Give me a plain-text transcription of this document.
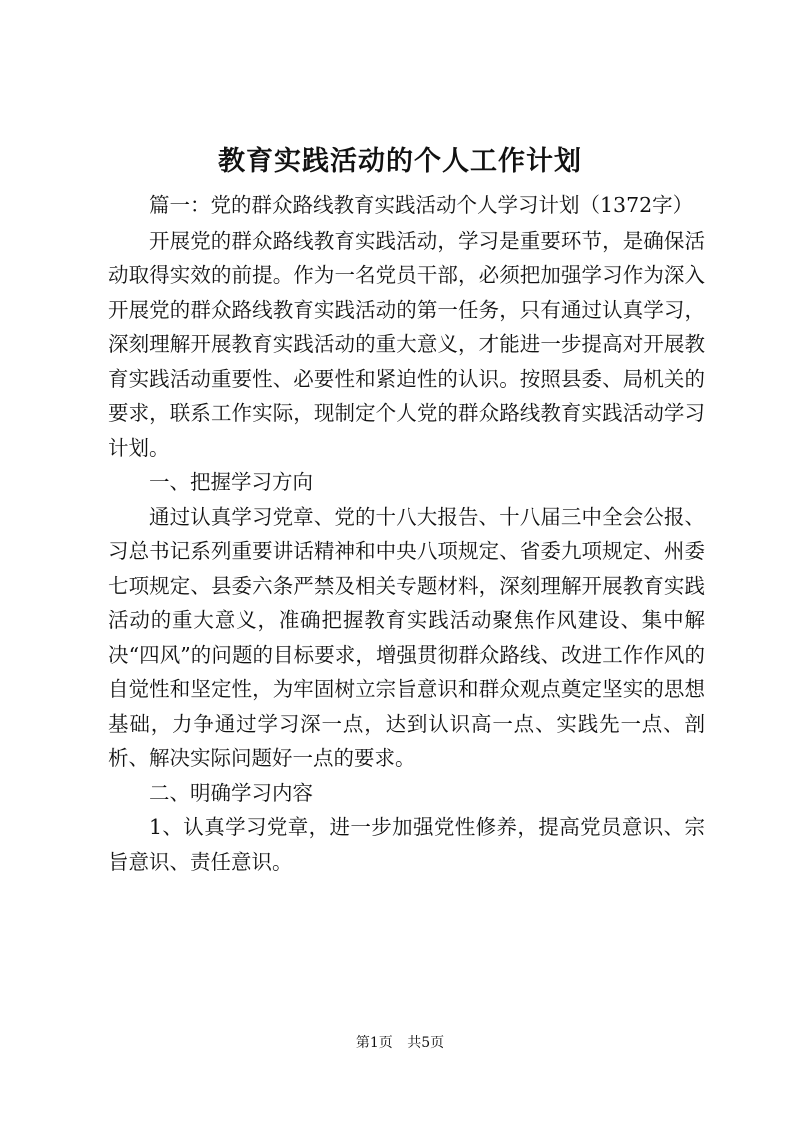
教育实践活动的个人工作计划

篇一：党的群众路线教育实践活动个人学习计划（1372字）

开展党的群众路线教育实践活动，学习是重要环节，是确保活动取得实效的前提。作为一名党员干部，必须把加强学习作为深入开展党的群众路线教育实践活动的第一任务，只有通过认真学习，深刻理解开展教育实践活动的重大意义，才能进一步提高对开展教育实践活动重要性、必要性和紧迫性的认识。按照县委、局机关的要求，联系工作实际，现制定个人党的群众路线教育实践活动学习计划。

一、把握学习方向

通过认真学习党章、党的十八大报告、十八届三中全会公报、习总书记系列重要讲话精神和中央八项规定、省委九项规定、州委七项规定、县委六条严禁及相关专题材料，深刻理解开展教育实践活动的重大意义，准确把握教育实践活动聚焦作风建设、集中解决“四风”的问题的目标要求，增强贯彻群众路线、改进工作作风的自觉性和坚定性，为牢固树立宗旨意识和群众观点奠定坚实的思想基础，力争通过学习深一点，达到认识高一点、实践先一点、剖析、解决实际问题好一点的要求。

二、明确学习内容

1、认真学习党章，进一步加强党性修养，提高党员意识、宗旨意识、责任意识。

第1页 共5页
